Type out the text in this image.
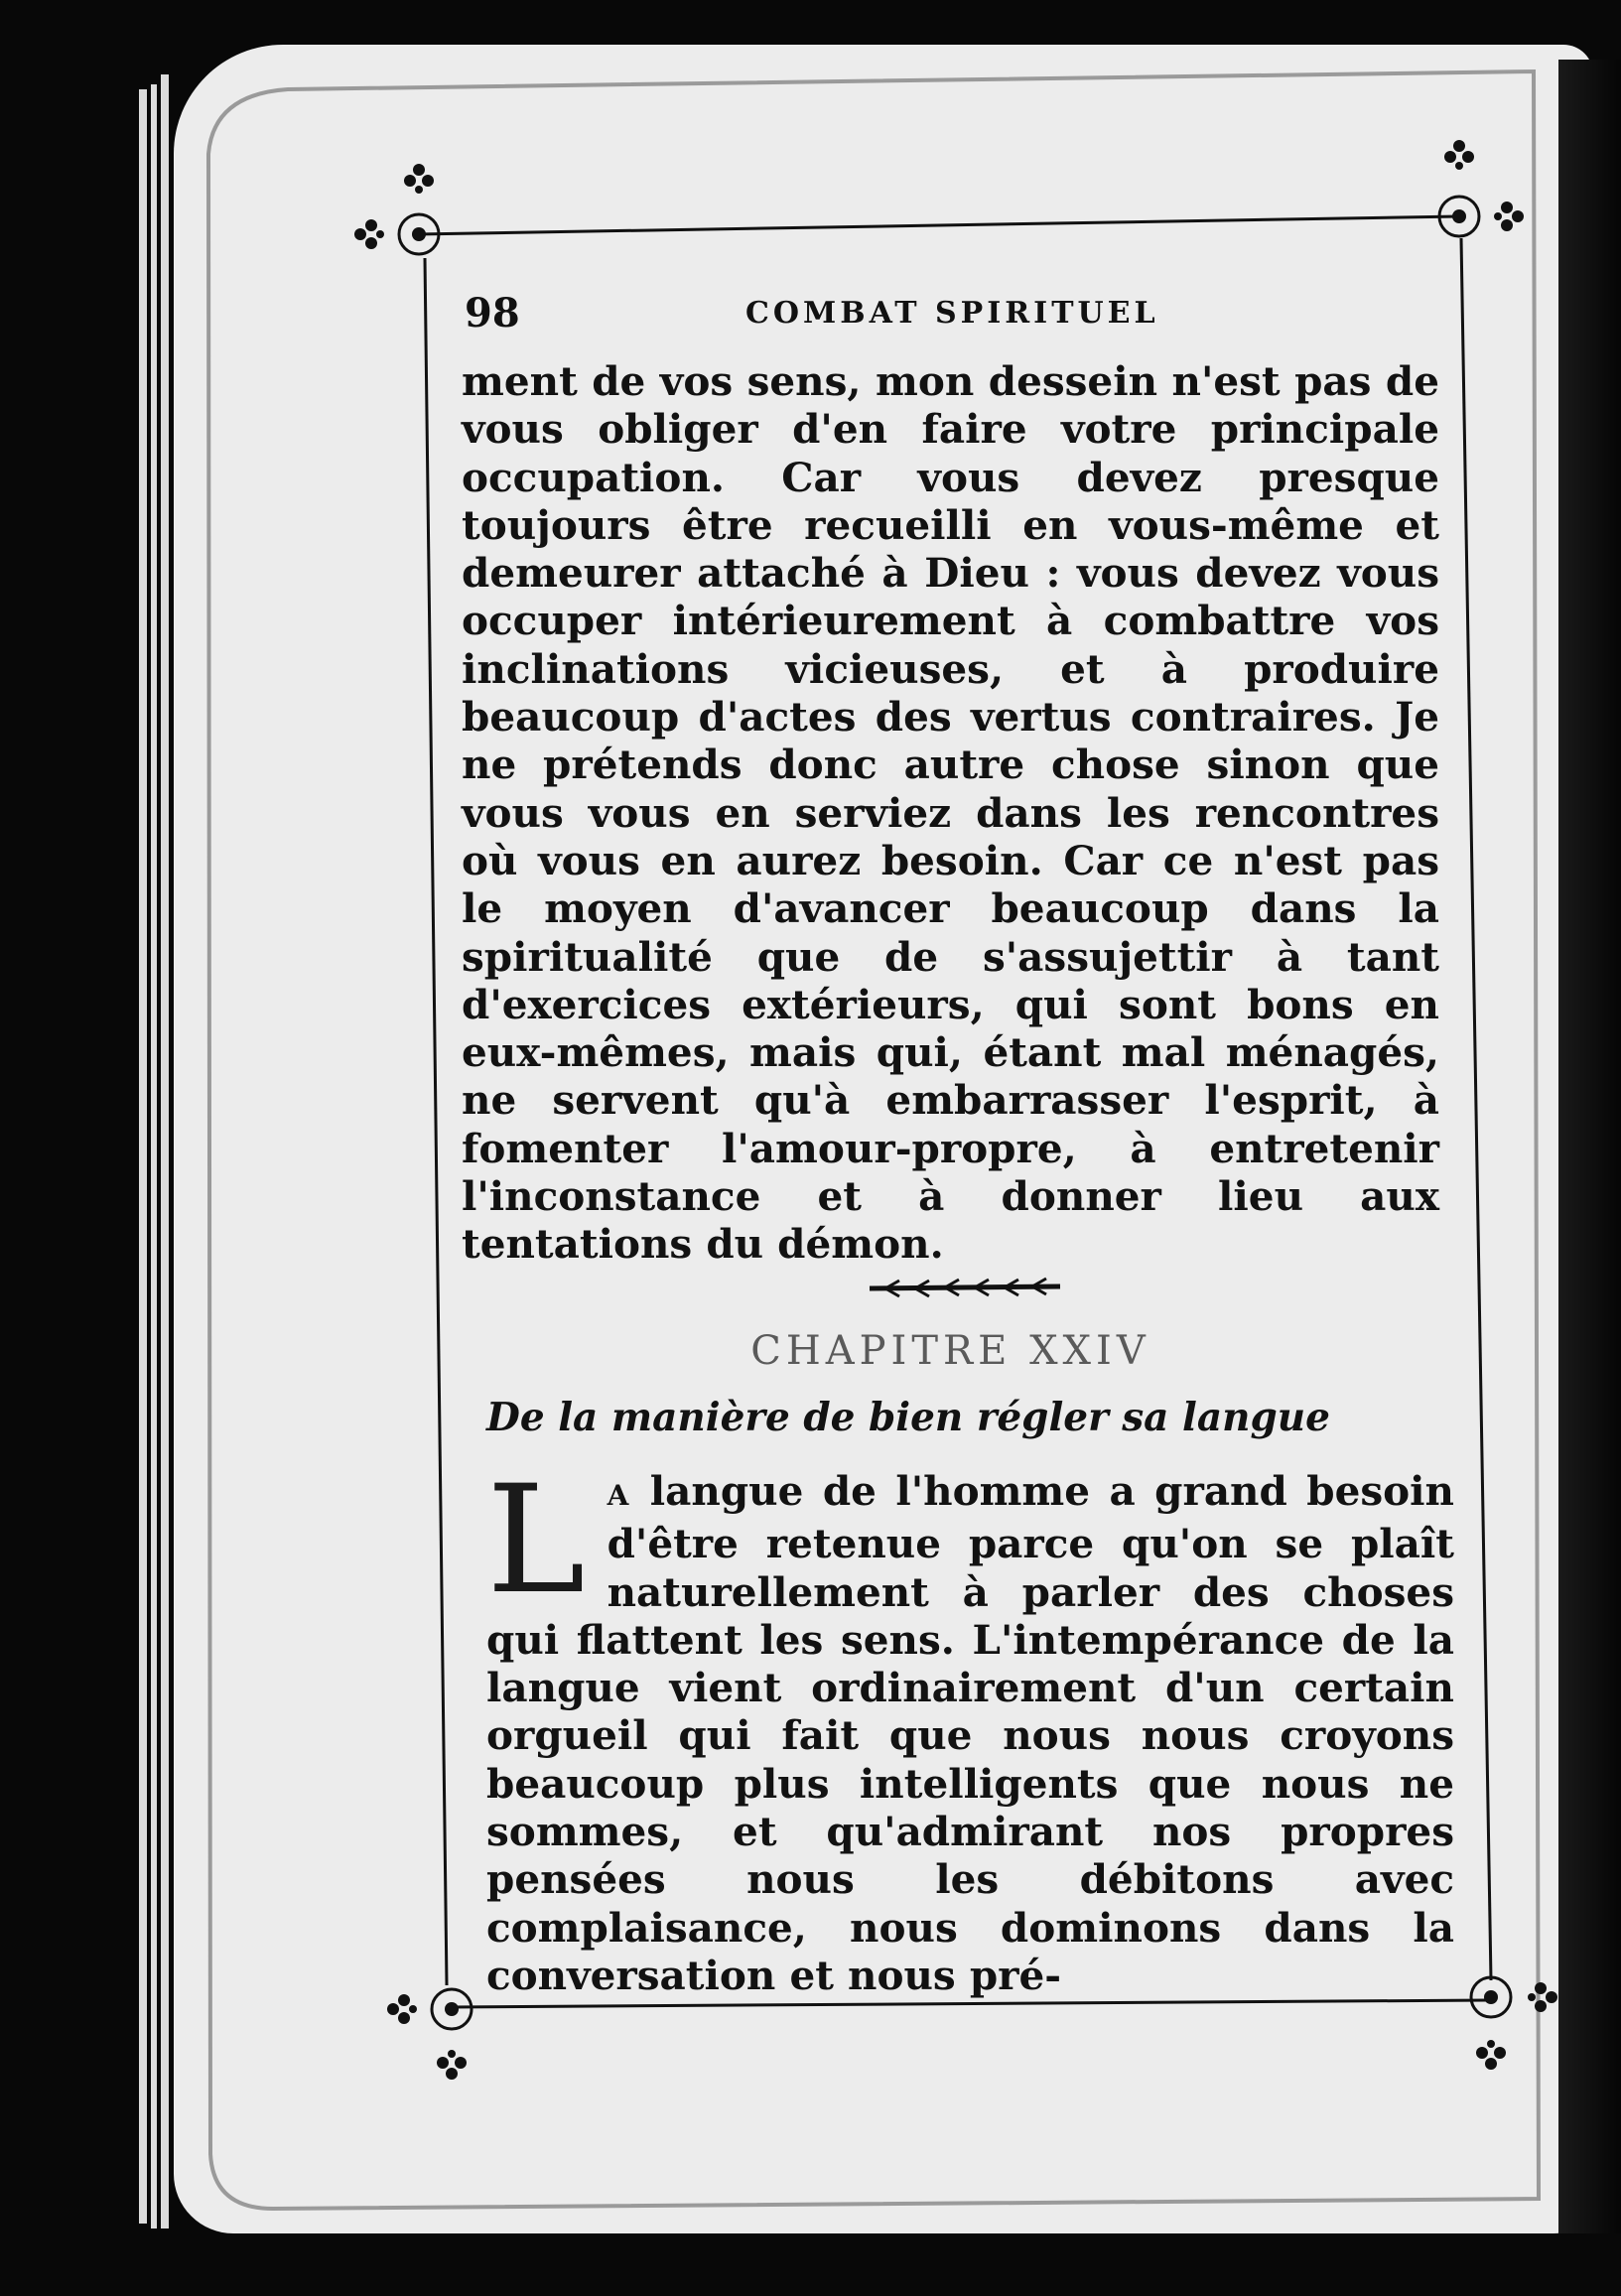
98	COMBAT SPIRITUEL

ment de vos sens, mon dessein n'est pas de vous obliger d'en faire votre principale occupation. Car vous devez presque toujours être recueilli en vous-même et demeurer attaché à Dieu : vous devez vous occuper intérieurement à combattre vos inclinations vicieuses, et à produire beaucoup d'actes des vertus contraires. Je ne prétends donc autre chose sinon que vous vous en serviez dans les rencontres où vous en aurez besoin. Car ce n'est pas le moyen d'avancer beaucoup dans la spiritualité que de s'assujettir à tant d'exercices extérieurs, qui sont bons en eux-mêmes, mais qui, étant mal ménagés, ne servent qu'à embarrasser l'esprit, à fomenter l'amour-propre, à entretenir l'inconstance et à donner lieu aux tentations du démon.

CHAPITRE XXIV
De la manière de bien régler sa langue

L A langue de l'homme a grand besoin d'être retenue parce qu'on se plaît naturellement à parler des choses qui flattent les sens. L'intempérance de la langue vient ordinairement d'un certain orgueil qui fait que nous nous croyons beaucoup plus intelligents que nous ne sommes, et qu'admirant nos propres pensées nous les débitons avec complaisance, nous dominons dans la conversation et nous pré-
